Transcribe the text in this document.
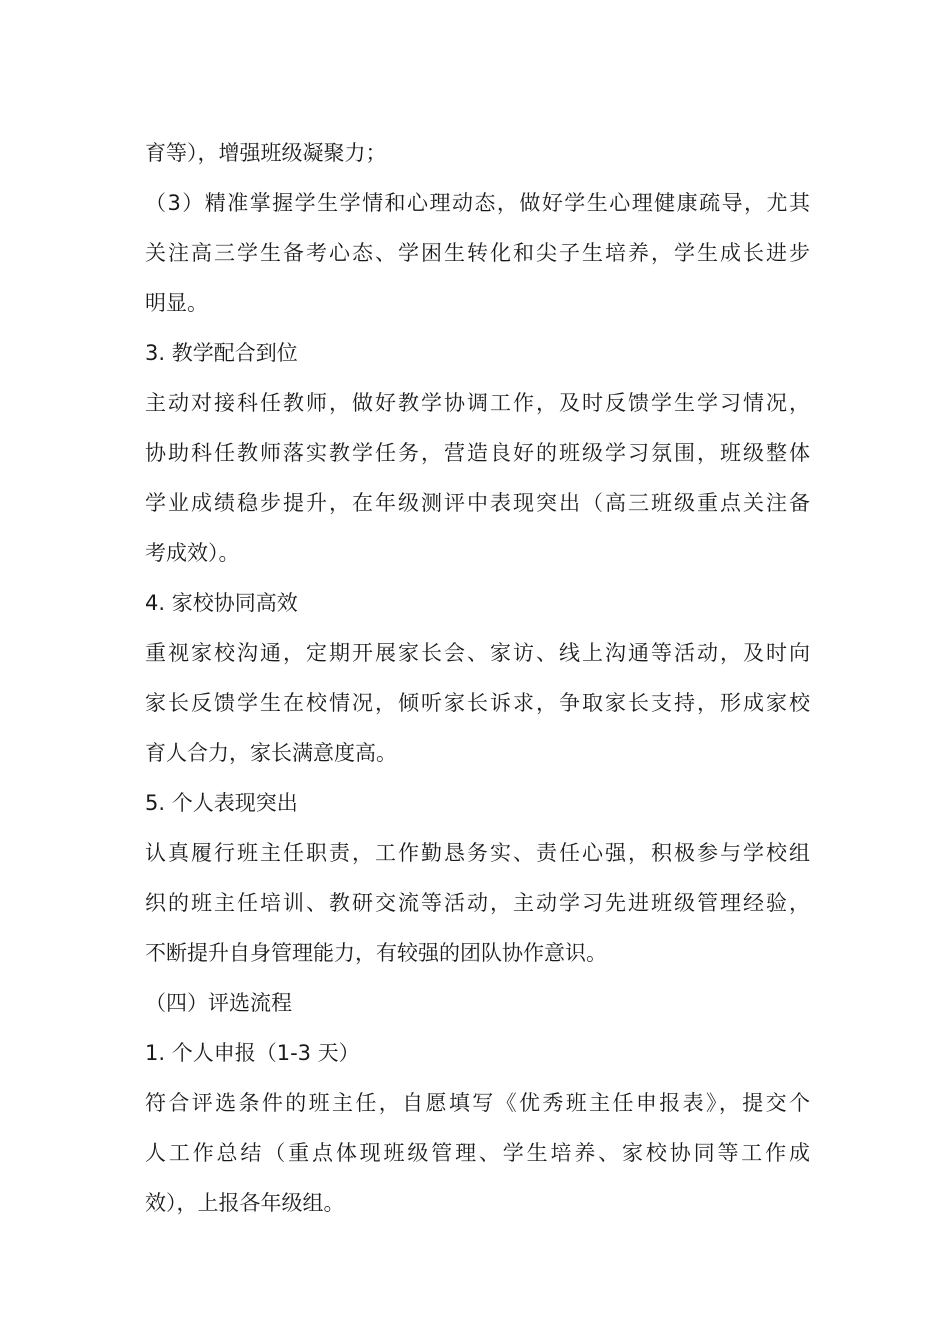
育等），增强班级凝聚力；
（3）精准掌握学生学情和心理动态，做好学生心理健康疏导，尤其
关注高三学生备考心态、学困生转化和尖子生培养，学生成长进步
明显。
3. 教学配合到位
主动对接科任教师，做好教学协调工作，及时反馈学生学习情况，
协助科任教师落实教学任务，营造良好的班级学习氛围，班级整体
学业成绩稳步提升，在年级测评中表现突出（高三班级重点关注备
考成效）。
4. 家校协同高效
重视家校沟通，定期开展家长会、家访、线上沟通等活动，及时向
家长反馈学生在校情况，倾听家长诉求，争取家长支持，形成家校
育人合力，家长满意度高。
5. 个人表现突出
认真履行班主任职责，工作勤恳务实、责任心强，积极参与学校组
织的班主任培训、教研交流等活动，主动学习先进班级管理经验，
不断提升自身管理能力，有较强的团队协作意识。
（四）评选流程
1. 个人申报（1-3 天）
符合评选条件的班主任，自愿填写《优秀班主任申报表》，提交个
人工作总结（重点体现班级管理、学生培养、家校协同等工作成
效），上报各年级组。
